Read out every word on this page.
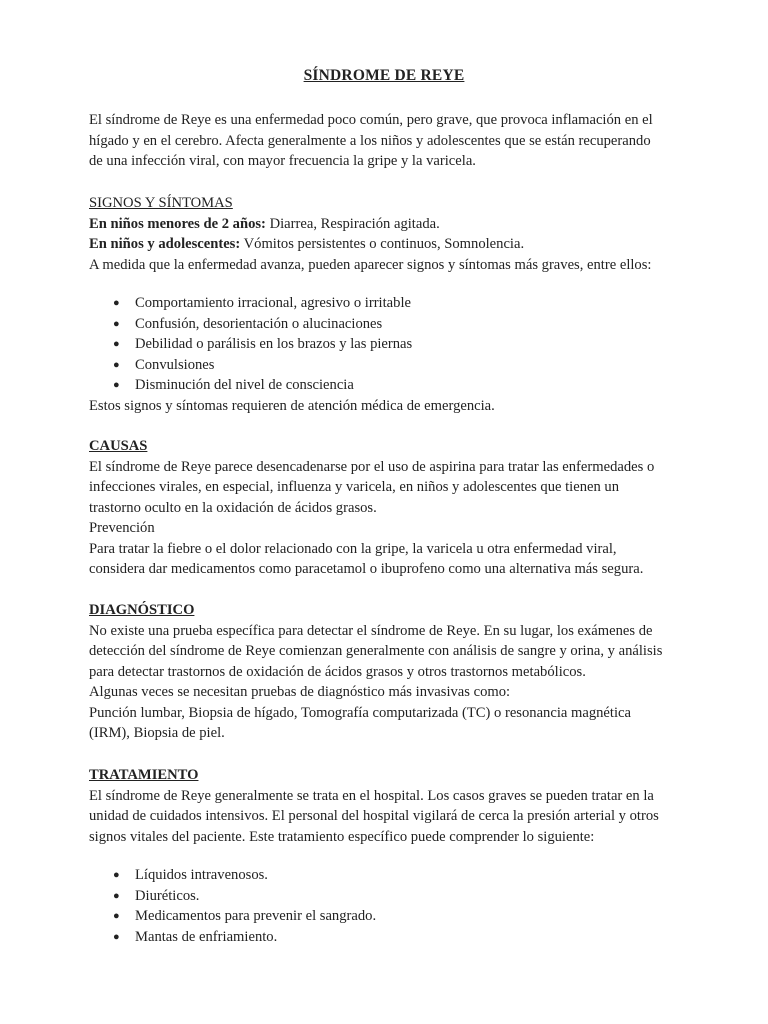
SÍNDROME DE REYE

El síndrome de Reye es una enfermedad poco común, pero grave, que provoca inflamación en el

hígado y en el cerebro. Afecta generalmente a los niños y adolescentes que se están recuperando

de una infección viral, con mayor frecuencia la gripe y la varicela.

SIGNOS Y SÍNTOMAS

En niños menores de 2 años: Diarrea, Respiración agitada.

En niños y adolescentes: Vómitos persistentes o continuos, Somnolencia.

A medida que la enfermedad avanza, pueden aparecer signos y síntomas más graves, entre ellos:

● Comportamiento irracional, agresivo o irritable
● Confusión, desorientación o alucinaciones
● Debilidad o parálisis en los brazos y las piernas
● Convulsiones
● Disminución del nivel de consciencia

Estos signos y síntomas requieren de atención médica de emergencia.

CAUSAS

El síndrome de Reye parece desencadenarse por el uso de aspirina para tratar las enfermedades o

infecciones virales, en especial, influenza y varicela, en niños y adolescentes que tienen un

trastorno oculto en la oxidación de ácidos grasos.

Prevención

Para tratar la fiebre o el dolor relacionado con la gripe, la varicela u otra enfermedad viral,

considera dar medicamentos como paracetamol o ibuprofeno como una alternativa más segura.

DIAGNÓSTICO

No existe una prueba específica para detectar el síndrome de Reye. En su lugar, los exámenes de

detección del síndrome de Reye comienzan generalmente con análisis de sangre y orina, y análisis

para detectar trastornos de oxidación de ácidos grasos y otros trastornos metabólicos.

Algunas veces se necesitan pruebas de diagnóstico más invasivas como:

Punción lumbar, Biopsia de hígado, Tomografía computarizada (TC) o resonancia magnética

(IRM), Biopsia de piel.

TRATAMIENTO

El síndrome de Reye generalmente se trata en el hospital. Los casos graves se pueden tratar en la

unidad de cuidados intensivos. El personal del hospital vigilará de cerca la presión arterial y otros

signos vitales del paciente. Este tratamiento específico puede comprender lo siguiente:

● Líquidos intravenosos.
● Diuréticos.
● Medicamentos para prevenir el sangrado.
● Mantas de enfriamiento.
